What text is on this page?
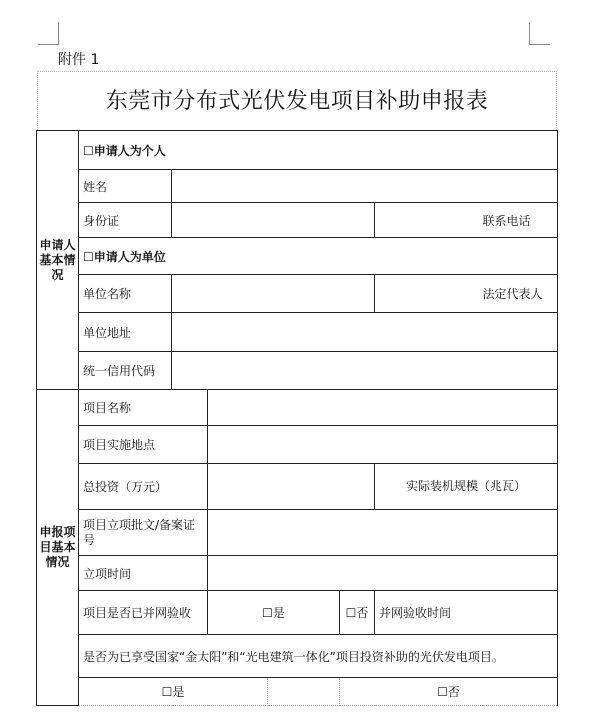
附件 1
东莞市分布式光伏发电项目补助申报表
申请人基本情况	☐申请人为个人							
	姓名							
	身份证						联系电话	
	☐申请人为单位							
	单位名称						法定代表人	
	单位地址							
	统一信用代码							
申报项目基本情况	项目名称							
	项目实施地点							
	总投资（万元）					实际装机规模（兆瓦）		
	项目立项批文/备案证号							
	立项时间							
	项目是否已并网验收		☐是		☐否	并网验收时间		
	是否为已享受国家“金太阳”和“光电建筑一体化”项目投资补助的光伏发电项目。							
	☐是				☐否			
